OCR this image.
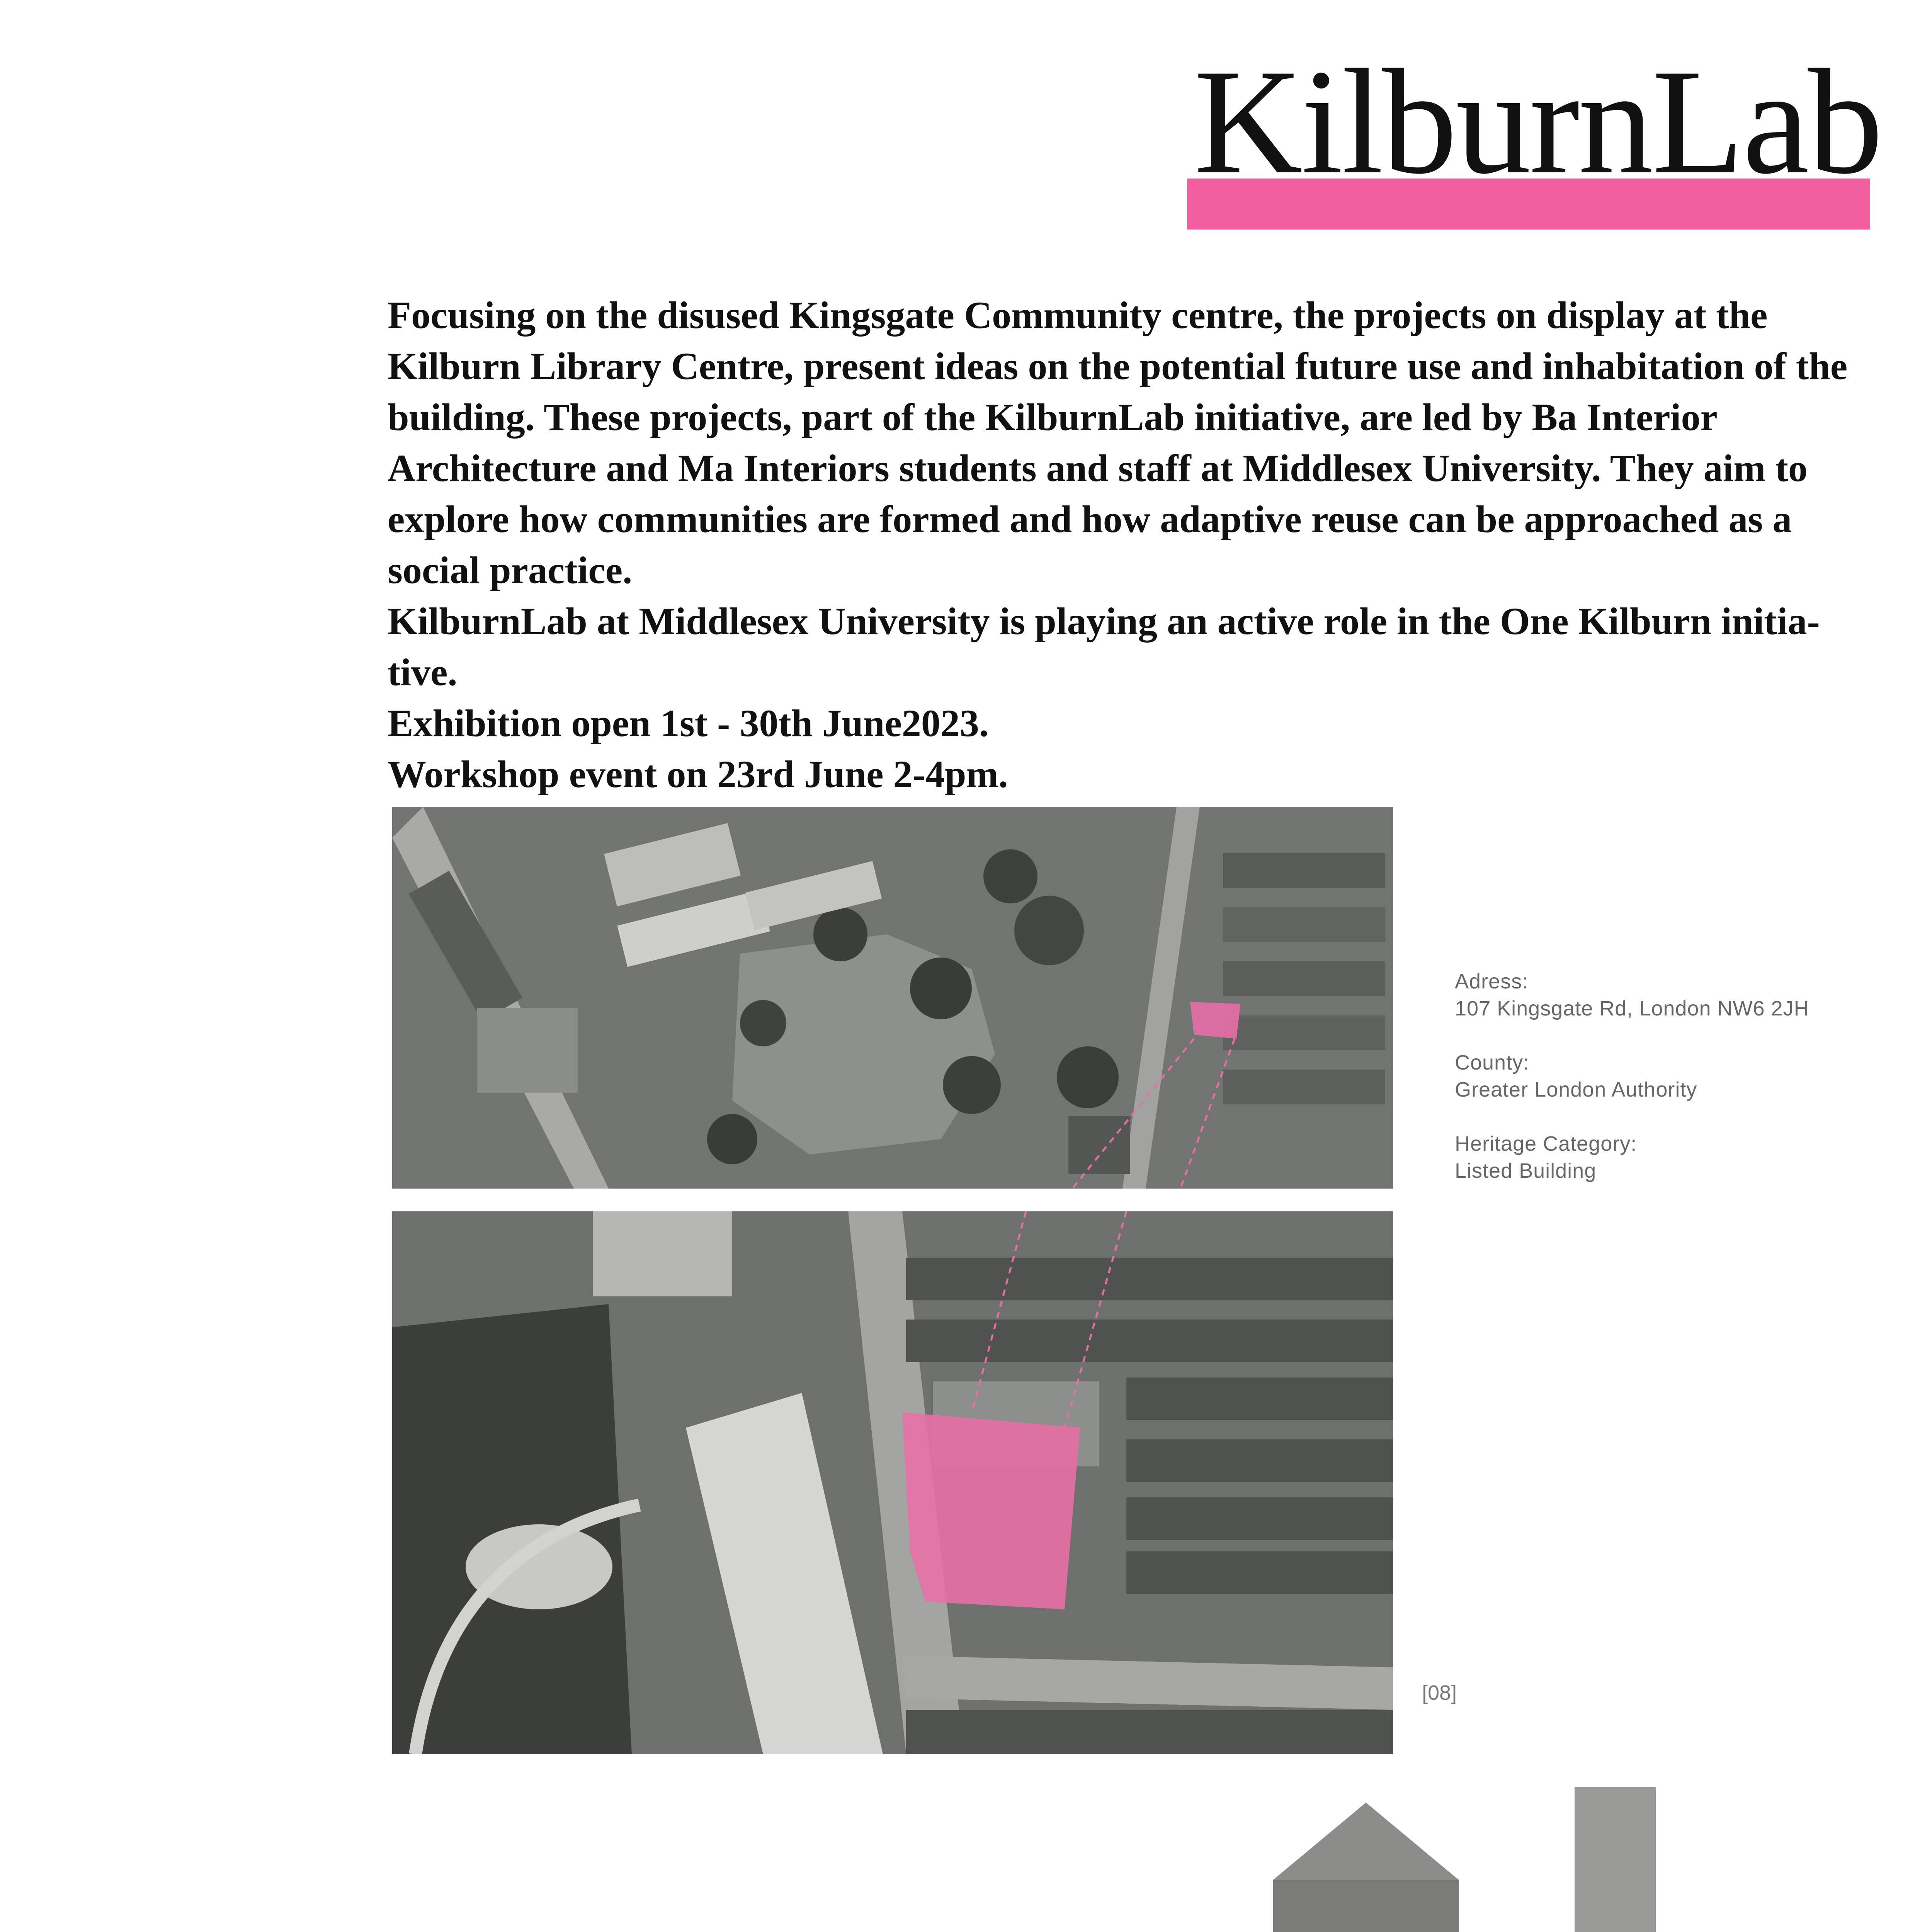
KilburnLab

Focusing on the disused Kingsgate Community centre, the projects on display at the Kilburn Library Centre, present ideas on the potential future use and inhabitation of the building. These projects, part of the KilburnLab initiative, are led by Ba Interior Architecture and Ma Interiors students and staff at Middlesex University. They aim to explore how communities are formed and how adaptive reuse can be approached as a social practice.

KilburnLab at Middlesex University is playing an active role in the One Kilburn initia-tive.

Exhibition open 1st - 30th June2023.

Workshop event on 23rd June 2-4pm.

Adress:
107 Kingsgate Rd, London NW6 2JH
County:
Greater London Authority
Heritage Category:
Listed Building
[08]
